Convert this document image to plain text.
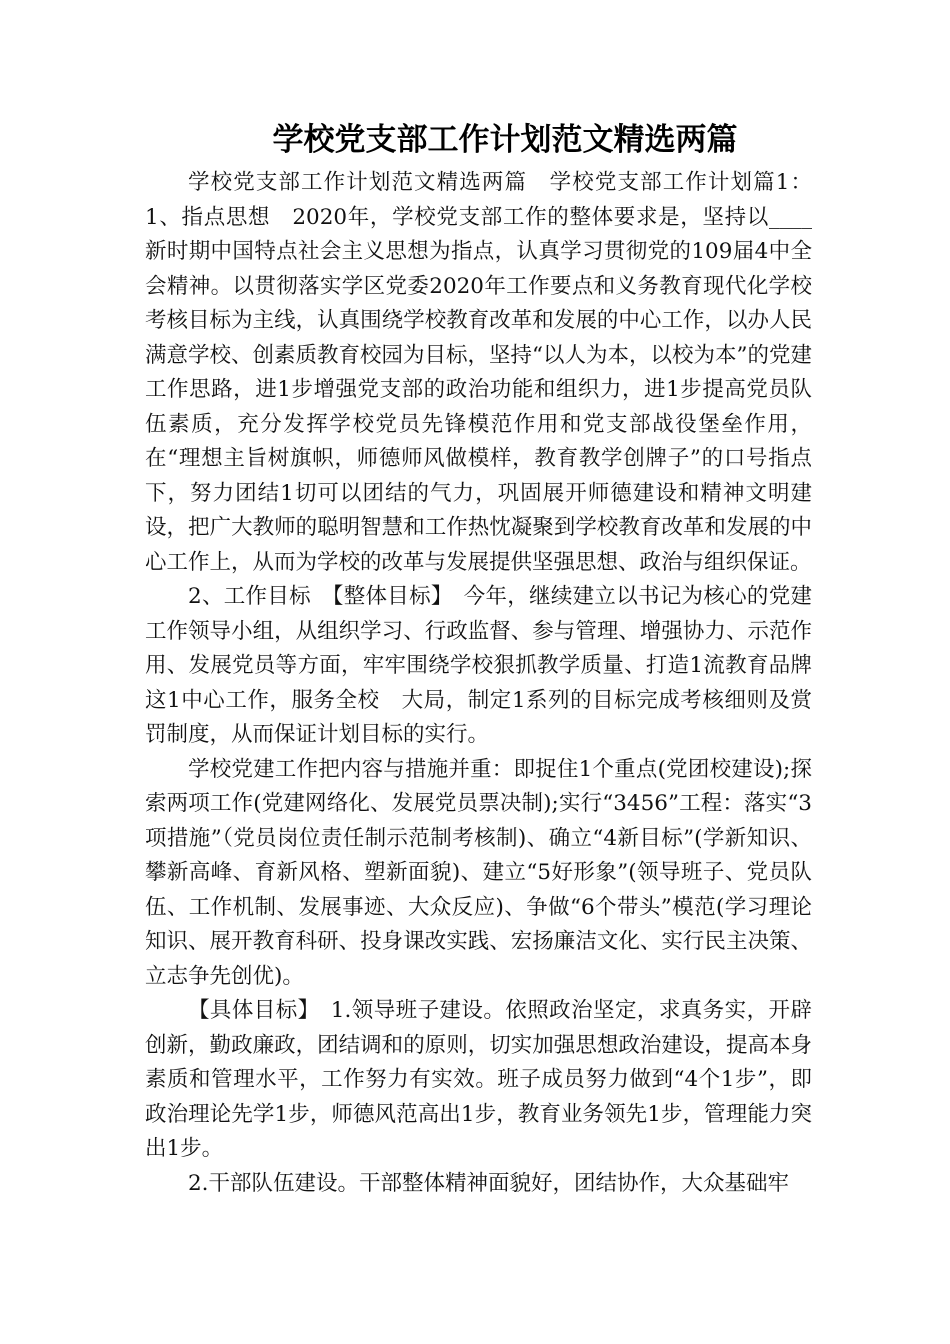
学校党支部工作计划范文精选两篇

学校党支部工作计划范文精选两篇　学校党支部工作计划篇1：1、指点思想　2020年，学校党支部工作的整体要求是，坚持以____新时期中国特点社会主义思想为指点，认真学习贯彻党的109届4中全会精神。以贯彻落实学区党委2020年工作要点和义务教育现代化学校考核目标为主线，认真围绕学校教育改革和发展的中心工作，以办人民满意学校、创素质教育校园为目标，坚持“以人为本，以校为本”的党建工作思路，进1步增强党支部的政治功能和组织力，进1步提高党员队伍素质，充分发挥学校党员先锋模范作用和党支部战役堡垒作用，在“理想主旨树旗帜，师德师风做模样，教育教学创牌子”的口号指点下，努力团结1切可以团结的气力，巩固展开师德建设和精神文明建设，把广大教师的聪明智慧和工作热忱凝聚到学校教育改革和发展的中心工作上，从而为学校的改革与发展提供坚强思想、政治与组织保证。

2、工作目标　【整体目标】　今年，继续建立以书记为核心的党建工作领导小组，从组织学习、行政监督、参与管理、增强协力、示范作用、发展党员等方面，牢牢围绕学校狠抓教学质量、打造1流教育品牌这1中心工作，服务全校　大局，制定1系列的目标完成考核细则及赏罚制度，从而保证计划目标的实行。

学校党建工作把内容与措施并重：即捉住1个重点(党团校建设);探索两项工作(党建网络化、发展党员票决制);实行“3456”工程：落实“3项措施”（党员岗位责任制示范制考核制)、确立“4新目标”(学新知识、攀新高峰、育新风格、塑新面貌)、建立“5好形象”(领导班子、党员队伍、工作机制、发展事迹、大众反应)、争做“6个带头”模范(学习理论知识、展开教育科研、投身课改实践、宏扬廉洁文化、实行民主决策、立志争先创优)。

【具体目标】　1.领导班子建设。依照政治坚定，求真务实，开辟创新，勤政廉政，团结调和的原则，切实加强思想政治建设，提高本身素质和管理水平，工作努力有实效。班子成员努力做到“4个1步”，即政治理论先学1步，师德风范高出1步，教育业务领先1步，管理能力突出1步。

2.干部队伍建设。干部整体精神面貌好，团结协作，大众基础牢
